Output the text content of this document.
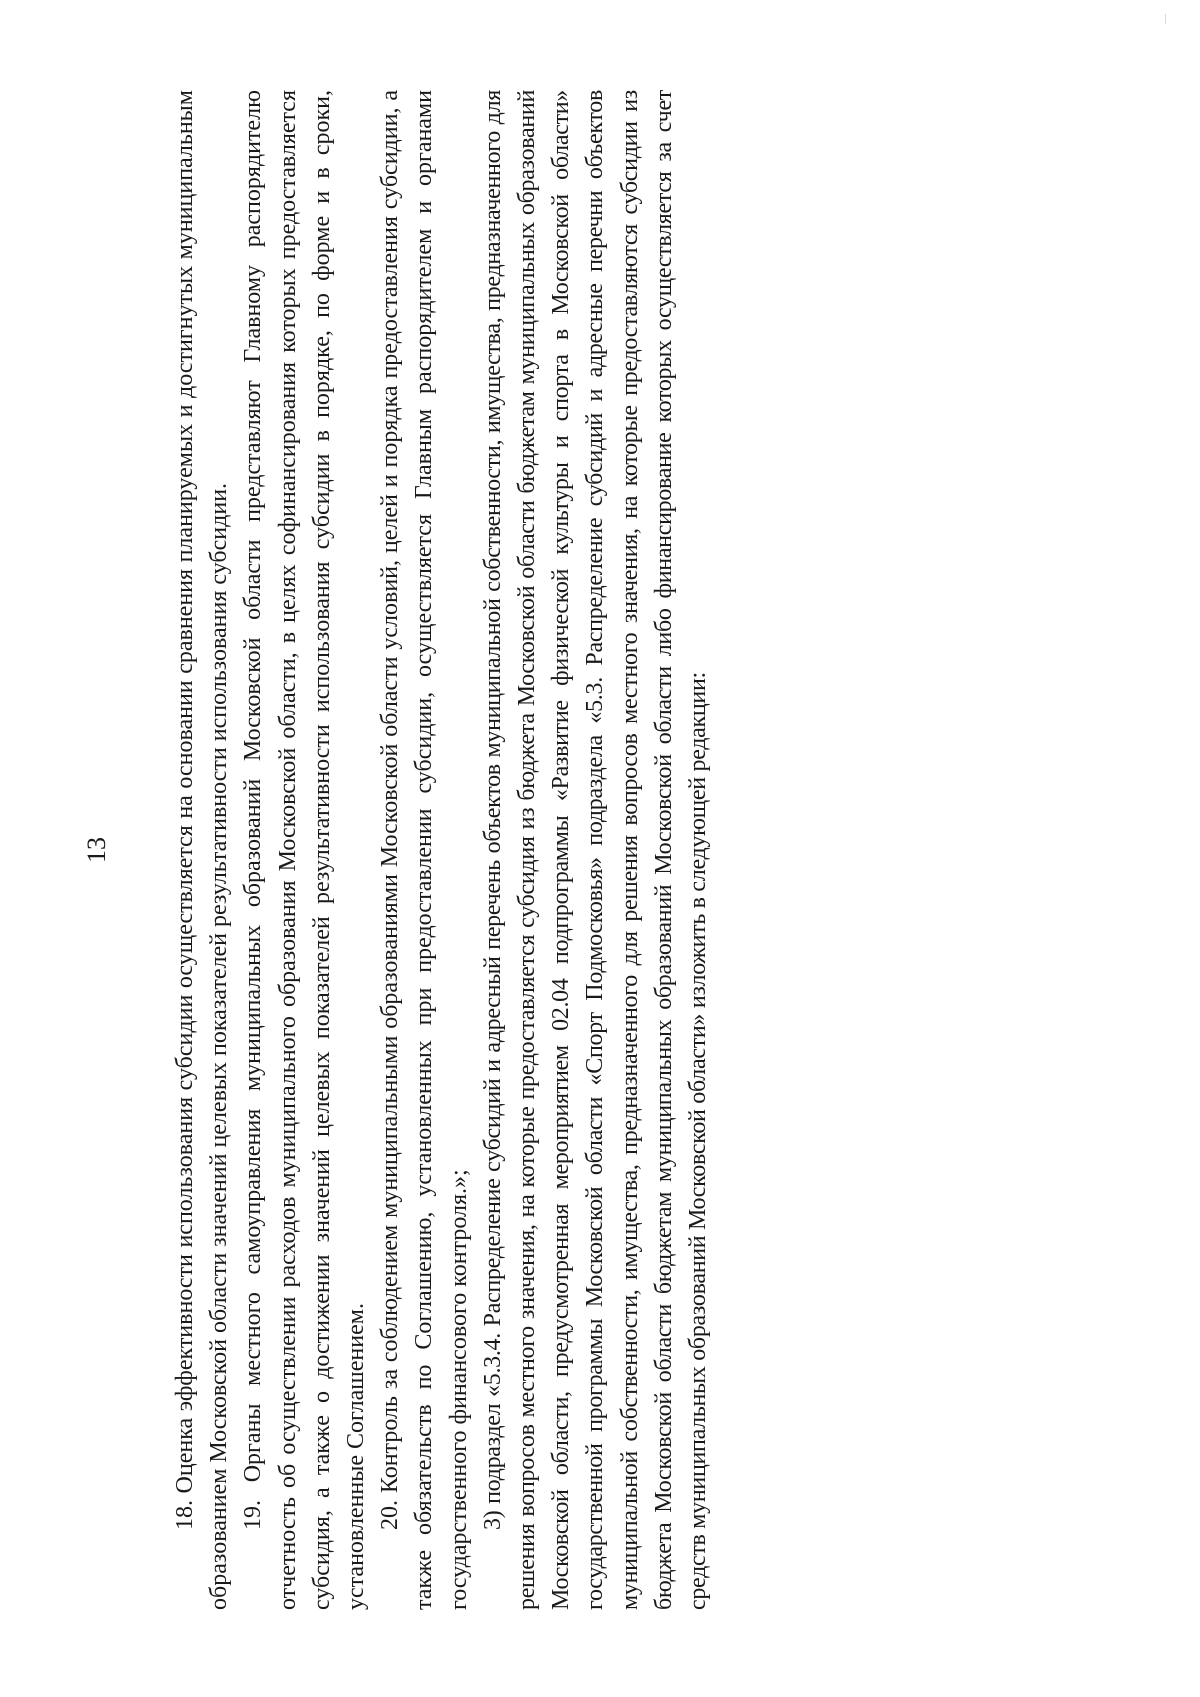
13	18. Оценка эффективности использования субсидии осуществляется на основании сравнения планируемых и достигнутых муниципальным образованием Московской области значений целевых показателей результативности использования субсидии. 19. Органы местного самоуправления муниципальных образований Московской области представляют Главному распорядителю отчетность об осуществлении расходов муниципального образования Московской области, в целях софинансирования которых предоставляется субсидия, а также о достижении значений целевых показателей результативности использования субсидии в порядке, по форме и в сроки, установленные Соглашением. 20. Контроль за соблюдением муниципальными образованиями Московской области условий, целей и порядка предоставления субсидии, а также обязательств по Соглашению, установленных при предоставлении субсидии, осуществляется Главным распорядителем и органами государственного финансового контроля.»; 3) подраздел «5.3.4. Распределение субсидий и адресный перечень объектов муниципальной собственности, имущества, предназначенного для решения вопросов местного значения, на которые предоставляется субсидия из бюджета Московской области бюджетам муниципальных образований Московской области, предусмотренная мероприятием 02.04 подпрограммы «Развитие физической культуры и спорта в Московской области» государственной программы Московской области «Спорт Подмосковья» подраздела «5.3. Распределение субсидий и адресные перечни объектов муниципальной собственности, имущества, предназначенного для решения вопросов местного значения, на которые предоставляются субсидии из бюджета Московской области бюджетам муниципальных образований Московской области либо финансирование которых осуществляется за счет средств муниципальных образований Московской области» изложить в следующей редакции:
